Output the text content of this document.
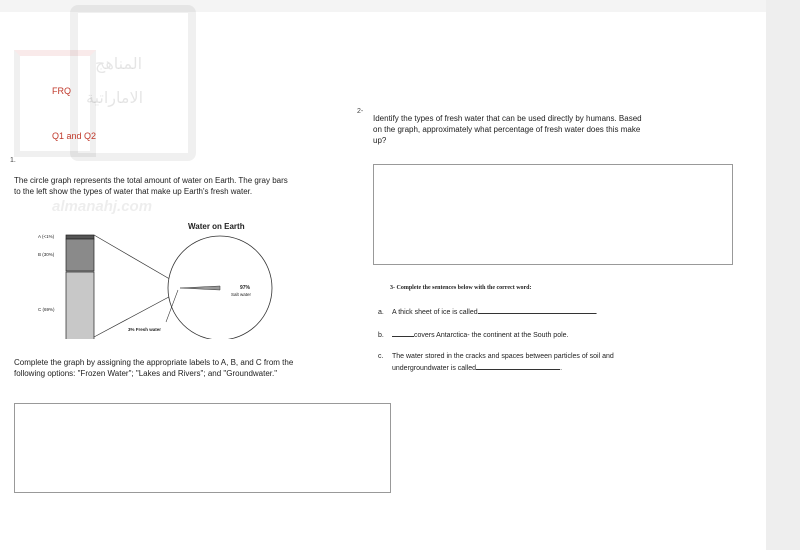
المناهج
الاماراتية
almanahj.com
FRQ
Q1 and Q2
1.
The circle graph represents the total amount of water on Earth. The gray bars to the left show the types of water that make up Earth's fresh water.
Water on Earth
A (<1%)
B (30%)
C (69%)
97%
Salt water
3% Fresh water
Complete the graph by assigning the appropriate labels to A, B, and C from the following options: "Frozen Water"; "Lakes and Rivers"; and "Groundwater."
2-
Identify the types of fresh water that can be used directly by humans. Based on the graph, approximately what percentage of fresh water does this make up?
3- Complete the sentences below with the correct word:
a. A thick sheet of ice is called	.
b.	covers Antarctica- the continent at the South pole.
c.	The water stored in the cracks and spaces between particles of soil and undergroundwater is called	.
